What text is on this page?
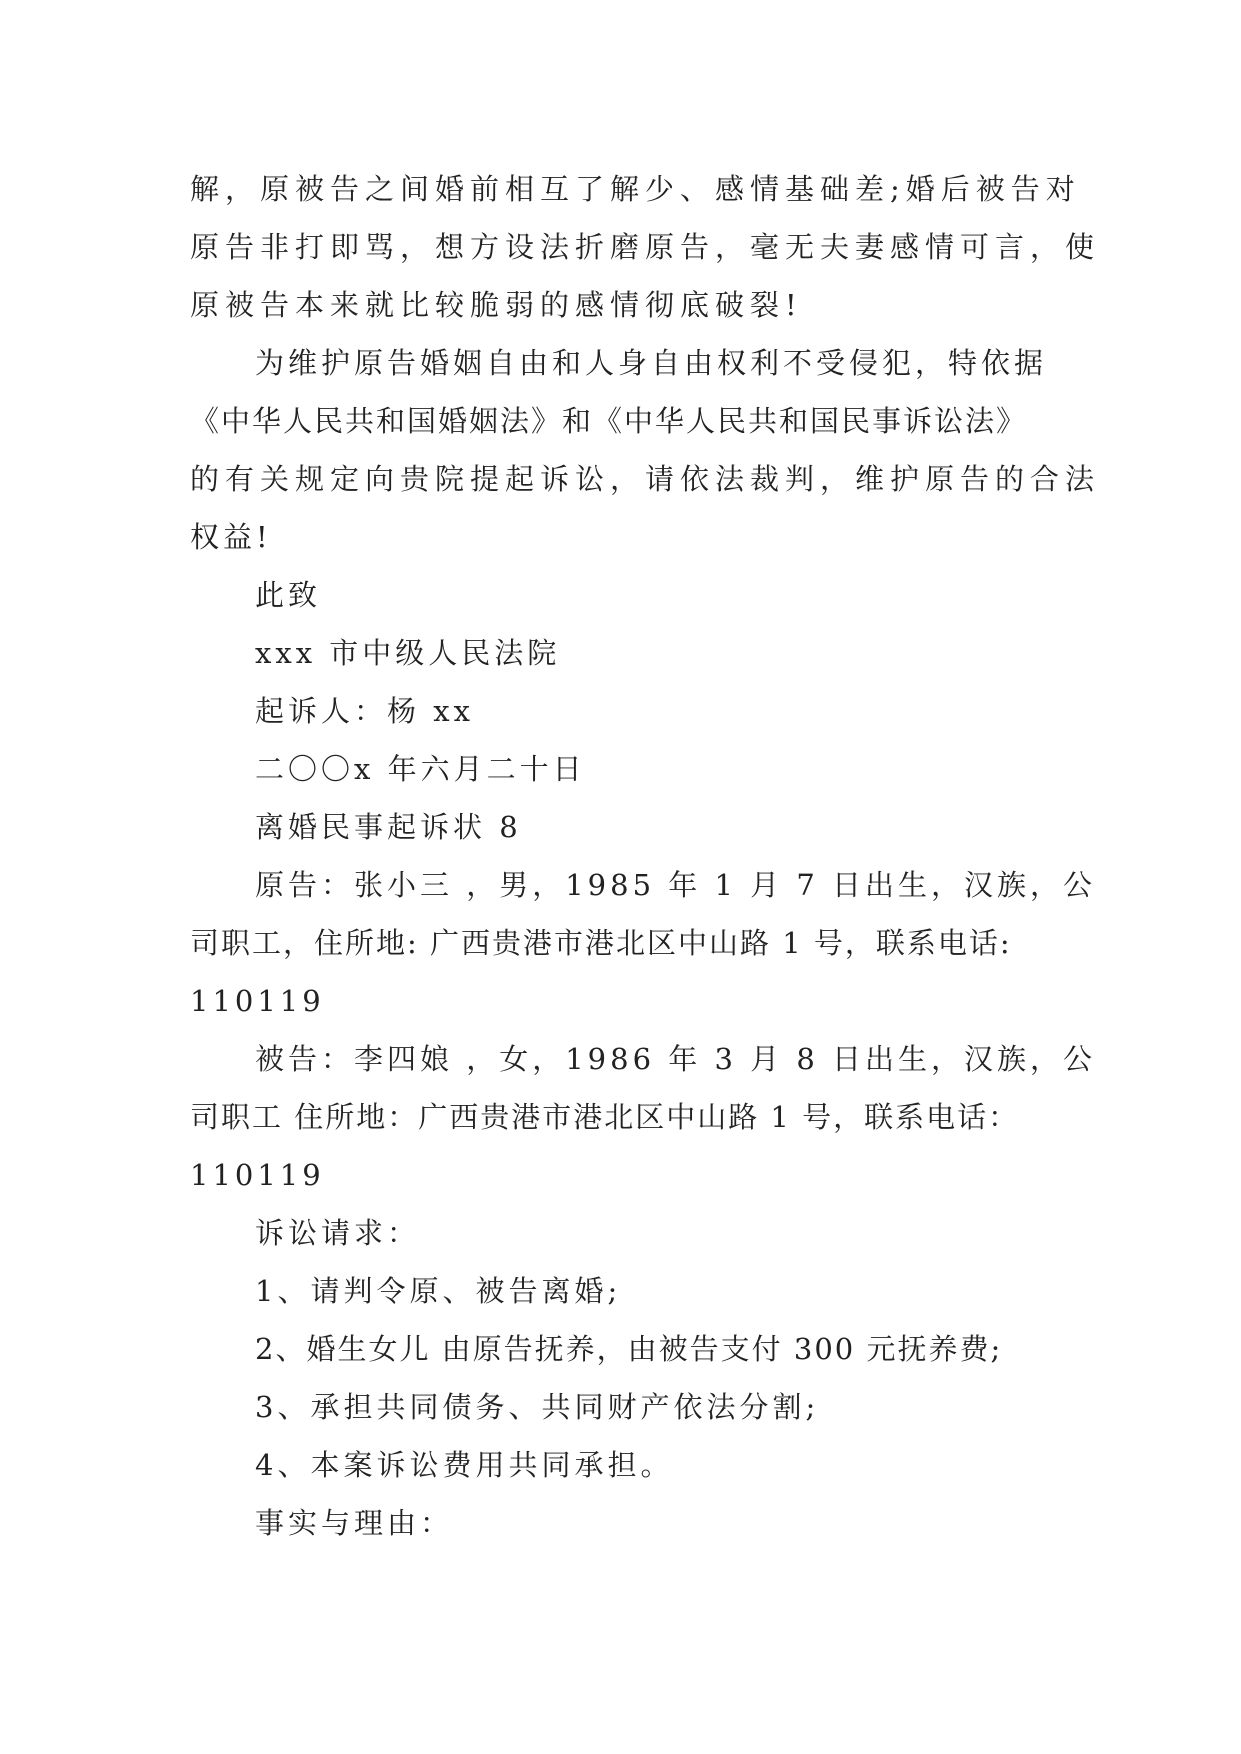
解，原被告之间婚前相互了解少、感情基础差;婚后被告对

原告非打即骂，想方设法折磨原告，毫无夫妻感情可言，使

原被告本来就比较脆弱的感情彻底破裂!

为维护原告婚姻自由和人身自由权利不受侵犯，特依据

《中华人民共和国婚姻法》和《中华人民共和国民事诉讼法》

的有关规定向贵院提起诉讼，请依法裁判，维护原告的合法

权益!

此致

xxx 市中级人民法院

起诉人：杨 xx

二〇〇x 年六月二十日

离婚民事起诉状 8

原告：张小三 ，男，1985 年 1 月 7 日出生，汉族，公

司职工，住所地: 广西贵港市港北区中山路 1 号，联系电话:

110119

被告：李四娘 ，女，1986 年 3 月 8 日出生，汉族，公

司职工 住所地：广西贵港市港北区中山路 1 号，联系电话：

110119

诉讼请求：

1、请判令原、被告离婚;

2、婚生女儿 由原告抚养，由被告支付 300 元抚养费;

3、承担共同债务、共同财产依法分割;

4、本案诉讼费用共同承担。

事实与理由：
